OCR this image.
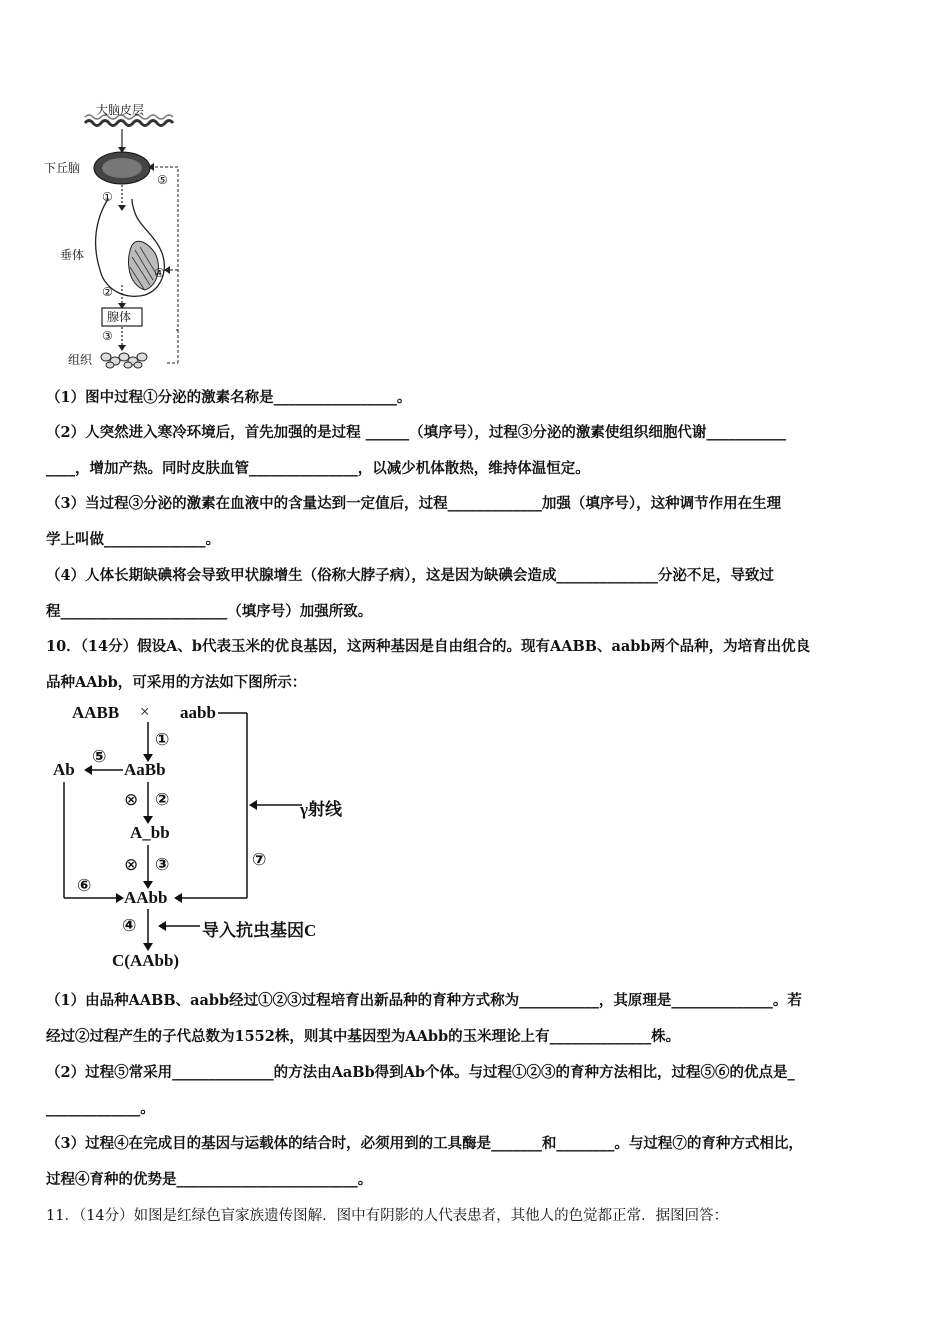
大脑皮层
下丘脑
垂体
腺体
组织
①
②
③
④
⑤
（1）图中过程①分泌的激素名称是_________________。
（2）人突然进入寒冷环境后，首先加强的是过程 ______（填序号），过程③分泌的激素使组织细胞代谢___________
____，增加产热。同时皮肤血管_______________，以减少机体散热，维持体温恒定。
（3）当过程③分泌的激素在血液中的含量达到一定值后，过程_____________加强（填序号），这种调节作用在生理
学上叫做______________。
（4）人体长期缺碘将会导致甲状腺增生（俗称大脖子病），这是因为缺碘会造成______________分泌不足，导致过
程_______________________（填序号）加强所致。
10．（14分）假设A、b代表玉米的优良基因，这两种基因是自由组合的。现有AABB、aabb两个品种，为培育出优良
品种AAbb，可采用的方法如下图所示：
AABB × aabb
①
⑤
Ab	AaBb
⊗ ②	γ射线
A_bb
⑦
⊗ ③
⑥
AAbb
④	导入抗虫基因C
C(AAbb)
（1）由品种AABB、aabb经过①②③过程培育出新品种的育种方式称为___________，其原理是______________。若
经过②过程产生的子代总数为1552株，则其中基因型为AAbb的玉米理论上有______________株。
（2）过程⑤常采用______________的方法由AaBb得到Ab个体。与过程①②③的育种方法相比，过程⑤⑥的优点是_
_____________。
（3）过程④在完成目的基因与运载体的结合时，必须用到的工具酶是_______和________。与过程⑦的育种方式相比，
过程④育种的优势是_________________________。
11．（14分）如图是红绿色盲家族遗传图解．图中有阴影的人代表患者，其他人的色觉都正常．据图回答：
